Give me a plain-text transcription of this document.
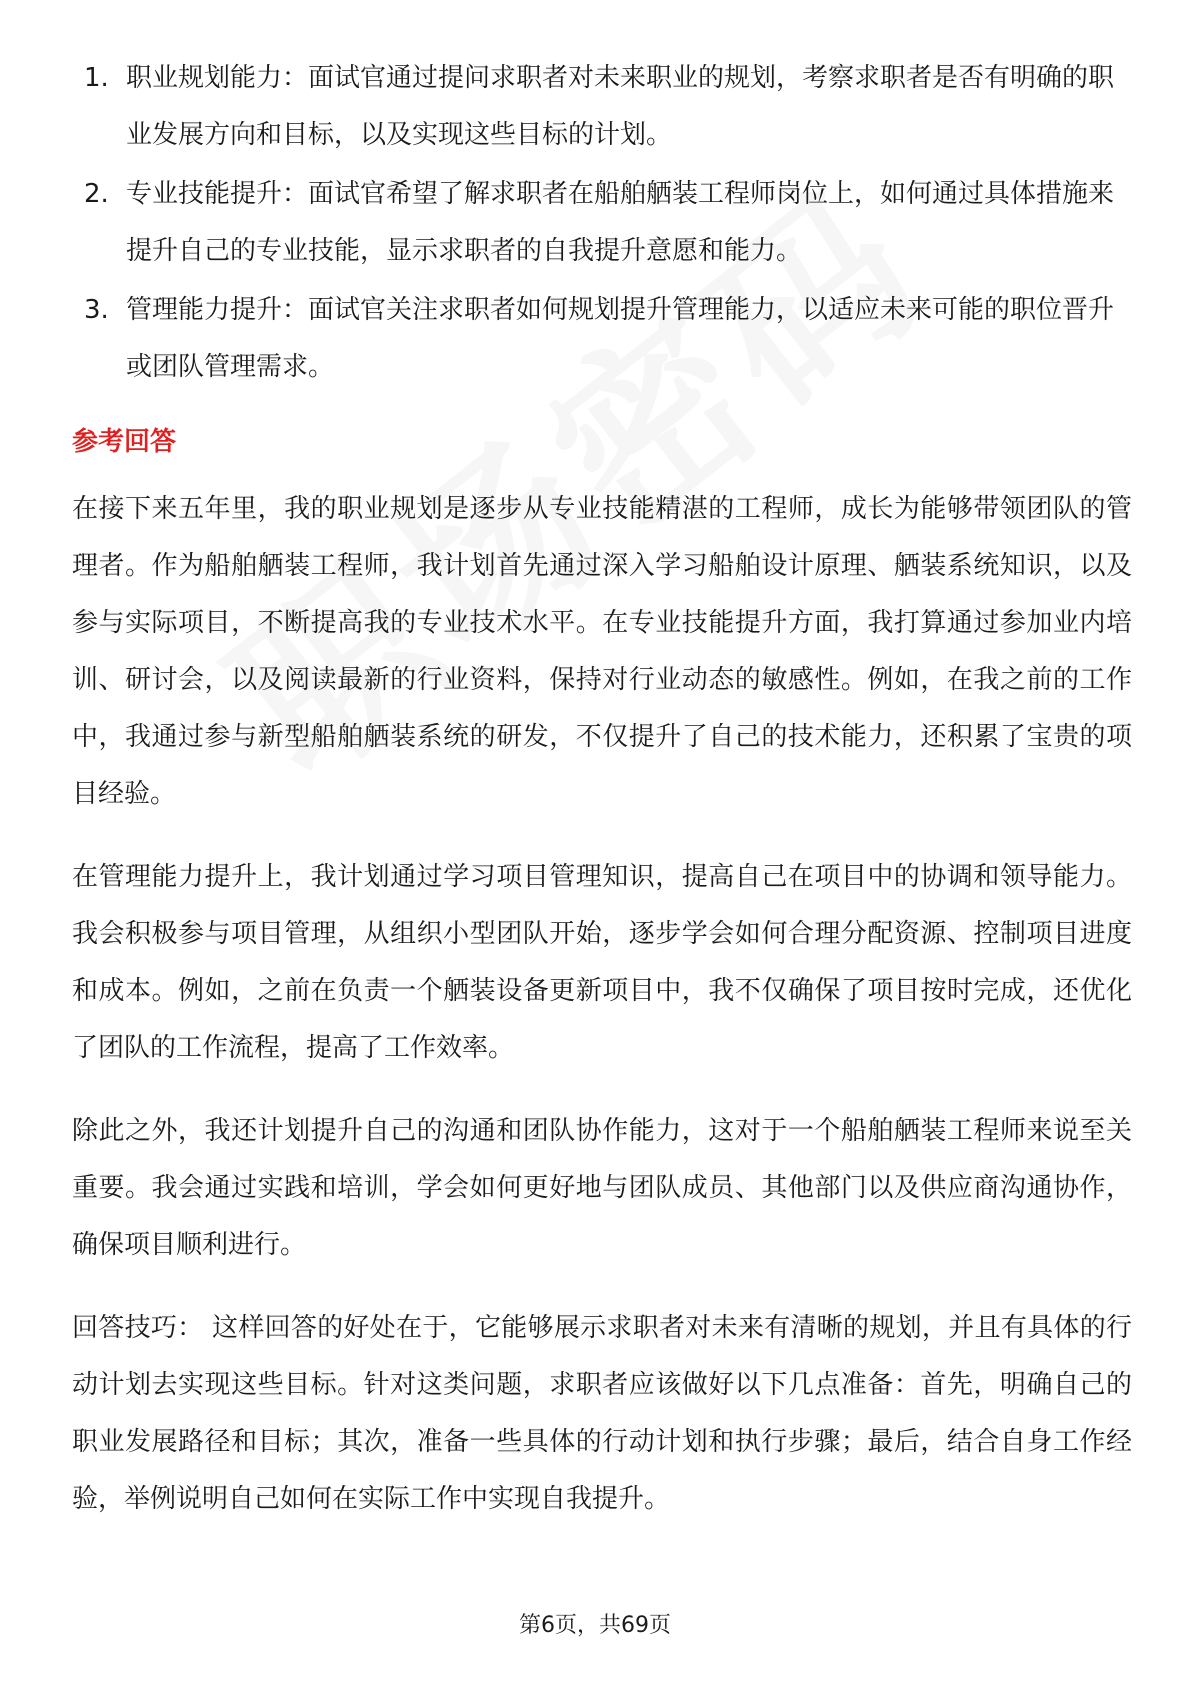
1. 职业规划能力：面试官通过提问求职者对未来职业的规划，考察求职者是否有明确的职业发展方向和目标，以及实现这些目标的计划。
2. 专业技能提升：面试官希望了解求职者在船舶舾装工程师岗位上，如何通过具体措施来提升自己的专业技能，显示求职者的自我提升意愿和能力。
3. 管理能力提升：面试官关注求职者如何规划提升管理能力，以适应未来可能的职位晋升或团队管理需求。
参考回答

在接下来五年里，我的职业规划是逐步从专业技能精湛的工程师，成长为能够带领团队的管理者。作为船舶舾装工程师，我计划首先通过深入学习船舶设计原理、舾装系统知识，以及参与实际项目，不断提高我的专业技术水平。在专业技能提升方面，我打算通过参加业内培训、研讨会，以及阅读最新的行业资料，保持对行业动态的敏感性。例如，在我之前的工作中，我通过参与新型船舶舾装系统的研发，不仅提升了自己的技术能力，还积累了宝贵的项目经验。

在管理能力提升上，我计划通过学习项目管理知识，提高自己在项目中的协调和领导能力。我会积极参与项目管理，从组织小型团队开始，逐步学会如何合理分配资源、控制项目进度和成本。例如，之前在负责一个舾装设备更新项目中，我不仅确保了项目按时完成，还优化了团队的工作流程，提高了工作效率。

除此之外，我还计划提升自己的沟通和团队协作能力，这对于一个船舶舾装工程师来说至关重要。我会通过实践和培训，学会如何更好地与团队成员、其他部门以及供应商沟通协作，确保项目顺利进行。

回答技巧： 这样回答的好处在于，它能够展示求职者对未来有清晰的规划，并且有具体的行动计划去实现这些目标。针对这类问题，求职者应该做好以下几点准备：首先，明确自己的职业发展路径和目标；其次，准备一些具体的行动计划和执行步骤；最后，结合自身工作经验，举例说明自己如何在实际工作中实现自我提升。

第6页，共69页
